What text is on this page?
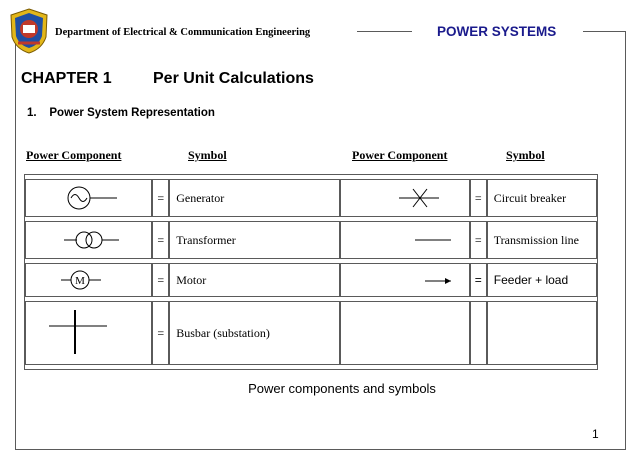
Department of Electrical & Communication Engineering	POWER SYSTEMS
CHAPTER 1	Per Unit Calculations
1.    Power System Representation
Power Component	Symbol	Power Component	Symbol
	=	Generator		=	Circuit breaker

	=	Transformer		=	Transmission line

M	=	Motor		=	Feeder + load

	=	Busbar (substation)			
Power components and symbols
1
